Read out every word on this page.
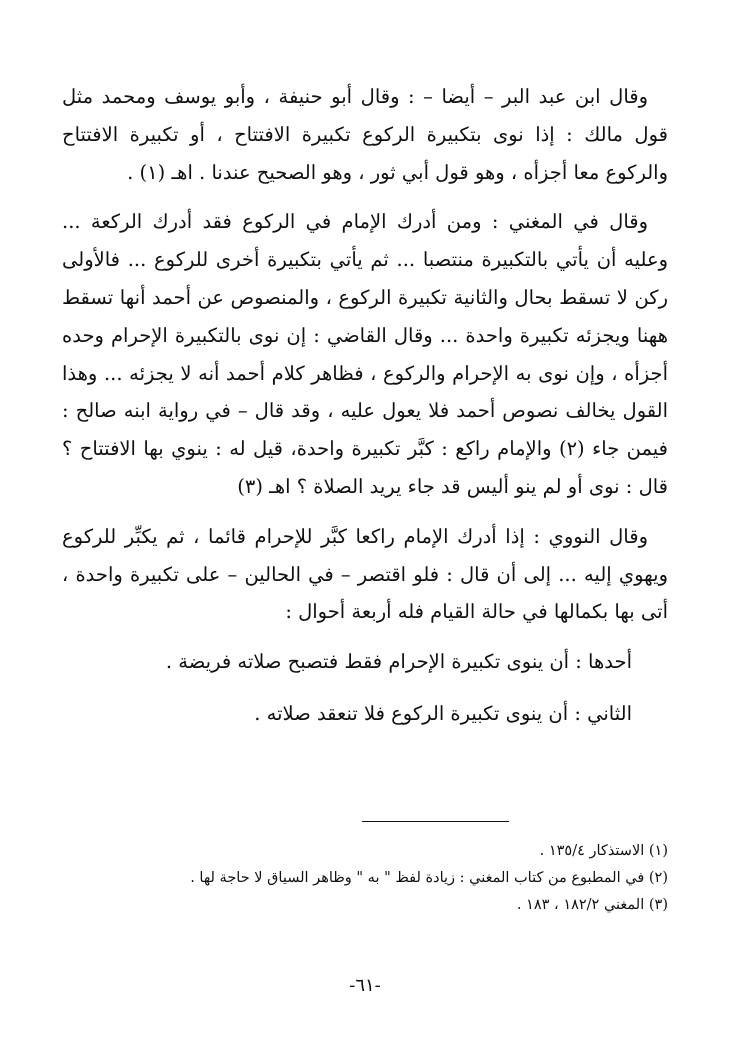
وقال ابن عبد البر – أيضا – : وقال أبو حنيفة ، وأبو يوسف ومحمد مثل قول مالك : إذا نوى بتكبيرة الركوع تكبيرة الافتتاح ، أو تكبيرة الافتتاح والركوع معا أجزأه ، وهو قول أبي ثور ، وهو الصحيح عندنا . اهـ (١) .

وقال في المغني : ومن أدرك الإمام في الركوع فقد أدرك الركعة ... وعليه أن يأتي بالتكبيرة منتصبا ... ثم يأتي بتكبيرة أخرى للركوع ... فالأولى ركن لا تسقط بحال والثانية تكبيرة الركوع ، والمنصوص عن أحمد أنها تسقط ههنا ويجزئه تكبيرة واحدة ... وقال القاضي : إن نوى بالتكبيرة الإحرام وحده أجزأه ، وإن نوى به الإحرام والركوع ، فظاهر كلام أحمد أنه لا يجزئه ... وهذا القول يخالف نصوص أحمد فلا يعول عليه ، وقد قال – في رواية ابنه صالح : فيمن جاء (٢) والإمام راكع : كبَّر تكبيرة واحدة، قيل له : ينوي بها الافتتاح ؟ قال : نوى أو لم ينو أليس قد جاء يريد الصلاة ؟ اهـ (٣)

وقال النووي : إذا أدرك الإمام راكعا كبَّر للإحرام قائما ، ثم يكبِّر للركوع ويهوي إليه ... إلى أن قال : فلو اقتصر – في الحالين – على تكبيرة واحدة ، أتى بها بكمالها في حالة القيام فله أربعة أحوال :

أحدها : أن ينوى تكبيرة الإحرام فقط فتصبح صلاته فريضة .

الثاني : أن ينوى تكبيرة الركوع فلا تنعقد صلاته .

(١) الاستذكار ١٣٥/٤ .

(٢) في المطبوع من كتاب المغني : زيادة لفظ " به " وظاهر السياق لا حاجة لها .

(٣) المغني ١٨٢/٢ ، ١٨٣ .

-٦١-
